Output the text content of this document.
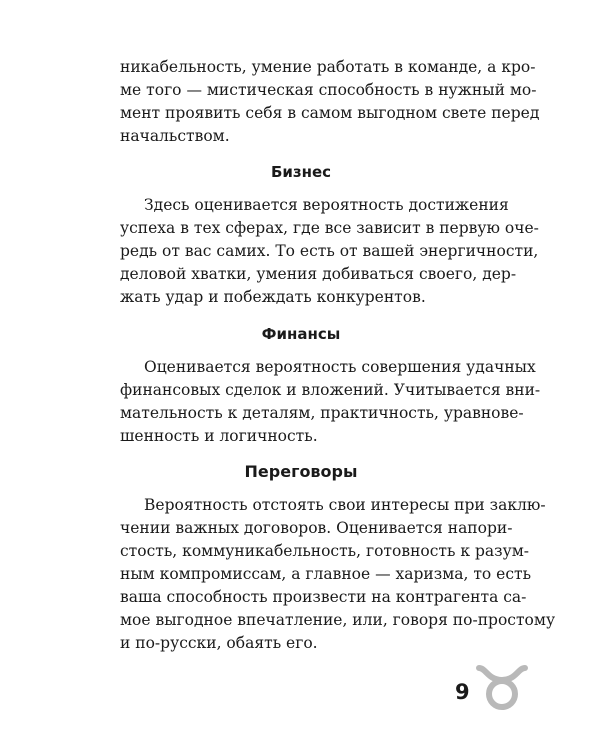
никабельность, умение работать в команде, а кро-
ме того — мистическая способность в нужный мо-
мент проявить себя в самом выгодном свете перед
начальством.
Бизнес
Здесь оценивается вероятность достижения
успеха в тех сферах, где все зависит в первую оче-
редь от вас самих. То есть от вашей энергичности,
деловой хватки, умения добиваться своего, дер-
жать удар и побеждать конкурентов.
Финансы
Оценивается вероятность совершения удачных
финансовых сделок и вложений. Учитывается вни-
мательность к деталям, практичность, уравнове-
шенность и логичность.
Переговоры
Вероятность отстоять свои интересы при заклю-
чении важных договоров. Оценивается напори-
стость, коммуникабельность, готовность к разум-
ным компромиссам, а главное — харизма, то есть
ваша способность произвести на контрагента са-
мое выгодное впечатление, или, говоря по-простому
и по-русски, обаять его.
9
